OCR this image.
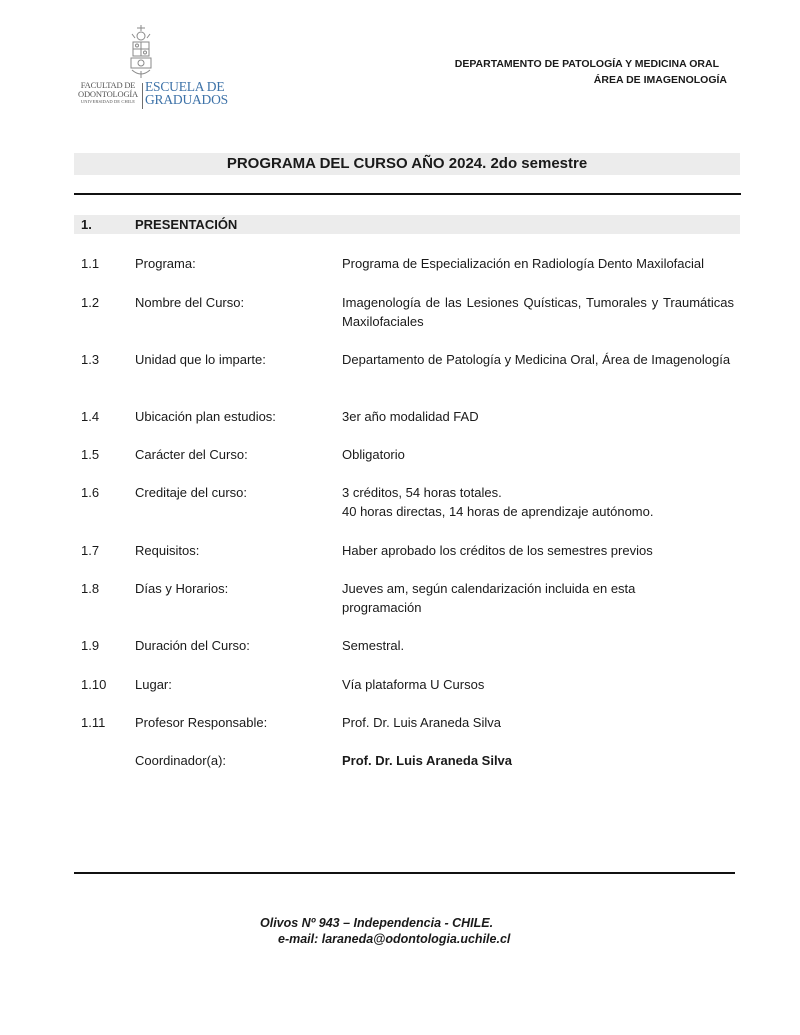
FACULTAD DE
ODONTOLOGÍA
UNIVERSIDAD DE CHILE
ESCUELA DE
GRADUADOS
DEPARTAMENTO DE PATOLOGÍA Y MEDICINA ORAL
ÁREA DE IMAGENOLOGÍA
PROGRAMA DEL CURSO AÑO 2024. 2do semestre
1.	PRESENTACIÓN
1.1	Programa:	Programa de Especialización en Radiología Dento Maxilofacial
1.2	Nombre del Curso:	Imagenología de las Lesiones Quísticas, Tumorales y Traumáticas Maxilofaciales
1.3	Unidad que lo imparte:	Departamento de Patología y Medicina Oral, Área de Imagenología
1.4	Ubicación plan estudios:	3er año modalidad FAD
1.5	Carácter del Curso:	Obligatorio
1.6	Creditaje del curso:	3 créditos, 54 horas totales.
40 horas directas, 14 horas de aprendizaje autónomo.
1.7	Requisitos:	Haber aprobado los créditos de los semestres previos
1.8	Días y Horarios:	Jueves am, según calendarización incluida en esta
programación
1.9	Duración del Curso:	Semestral.
1.10 Lugar:	Vía plataforma U Cursos
1.11 Profesor Responsable:	Prof. Dr. Luis Araneda Silva
Coordinador(a):	Prof. Dr. Luis Araneda Silva
Olivos Nº 943 – Independencia - CHILE.
e-mail: laraneda@odontologia.uchile.cl
